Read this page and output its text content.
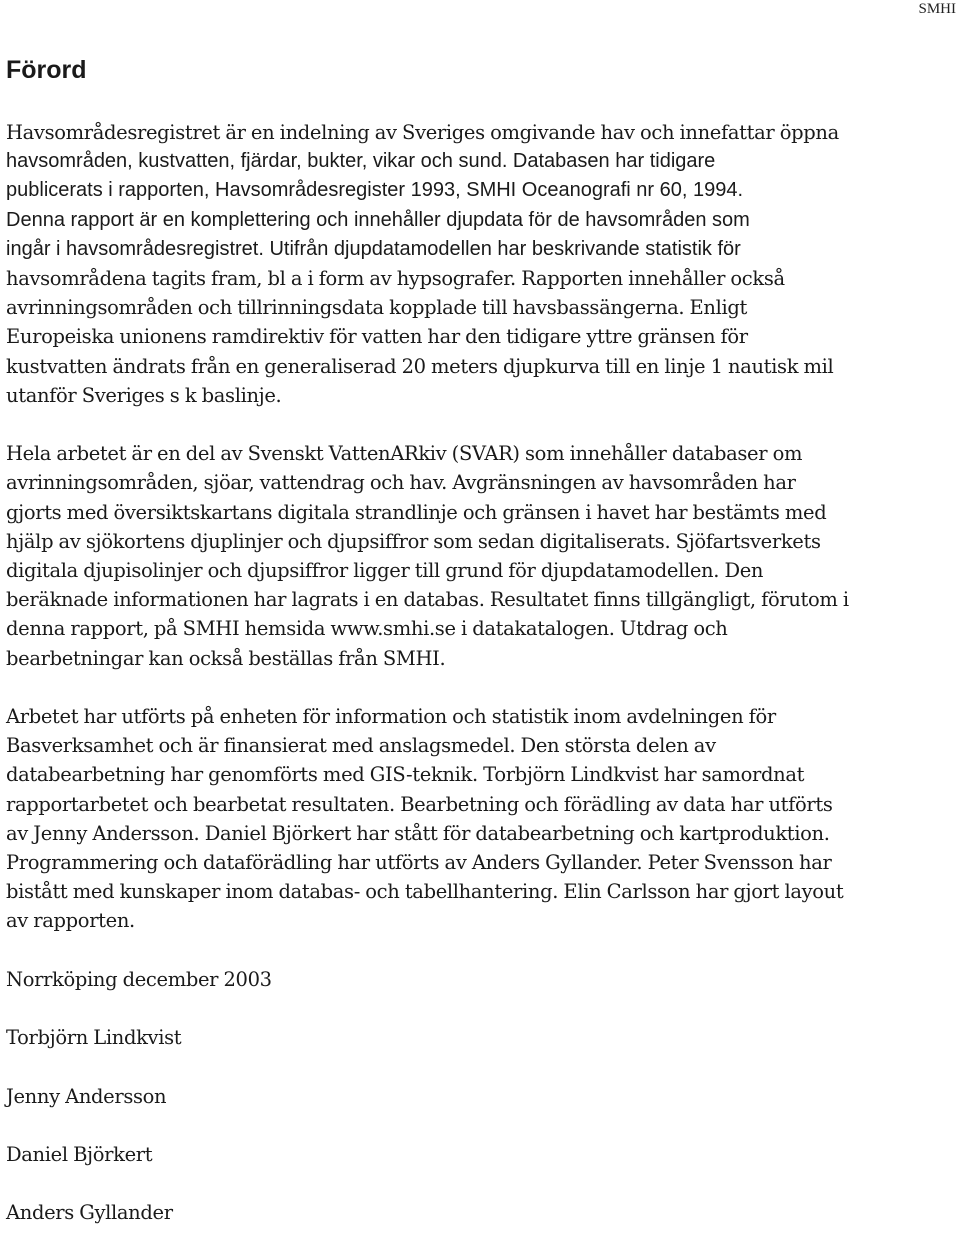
SMHI
Förord

Havsområdesregistret är en indelning av Sveriges omgivande hav och innefattar öppna
havsområden, kustvatten, fjärdar, bukter, vikar och sund. Databasen har tidigare
publicerats i rapporten, Havsområdesregister 1993, SMHI Oceanografi nr 60, 1994.
Denna rapport är en komplettering och innehåller djupdata för de havsområden som
ingår i havsområdesregistret. Utifrån djupdatamodellen har beskrivande statistik för
havsområdena tagits fram, bl a i form av hypsografer. Rapporten innehåller också
avrinningsområden och tillrinningsdata kopplade till havsbassängerna. Enligt
Europeiska unionens ramdirektiv för vatten har den tidigare yttre gränsen för
kustvatten ändrats från en generaliserad 20 meters djupkurva till en linje 1 nautisk mil
utanför Sveriges s k baslinje.

Hela arbetet är en del av Svenskt VattenARkiv (SVAR) som innehåller databaser om
avrinningsområden, sjöar, vattendrag och hav. Avgränsningen av havsområden har
gjorts med översiktskartans digitala strandlinje och gränsen i havet har bestämts med
hjälp av sjökortens djuplinjer och djupsiffror som sedan digitaliserats. Sjöfartsverkets
digitala djupisolinjer och djupsiffror ligger till grund för djupdatamodellen. Den
beräknade informationen har lagrats i en databas. Resultatet finns tillgängligt, förutom i
denna rapport, på SMHI hemsida www.smhi.se i datakatalogen. Utdrag och
bearbetningar kan också beställas från SMHI.

Arbetet har utförts på enheten för information och statistik inom avdelningen för
Basverksamhet och är finansierat med anslagsmedel. Den största delen av
databearbetning har genomförts med GIS-teknik. Torbjörn Lindkvist har samordnat
rapportarbetet och bearbetat resultaten. Bearbetning och förädling av data har utförts
av Jenny Andersson. Daniel Björkert har stått för databearbetning och kartproduktion.
Programmering och dataförädling har utförts av Anders Gyllander. Peter Svensson har
bistått med kunskaper inom databas- och tabellhantering. Elin Carlsson har gjort layout
av rapporten.

Norrköping december 2003

Torbjörn Lindkvist

Jenny Andersson

Daniel Björkert

Anders Gyllander
